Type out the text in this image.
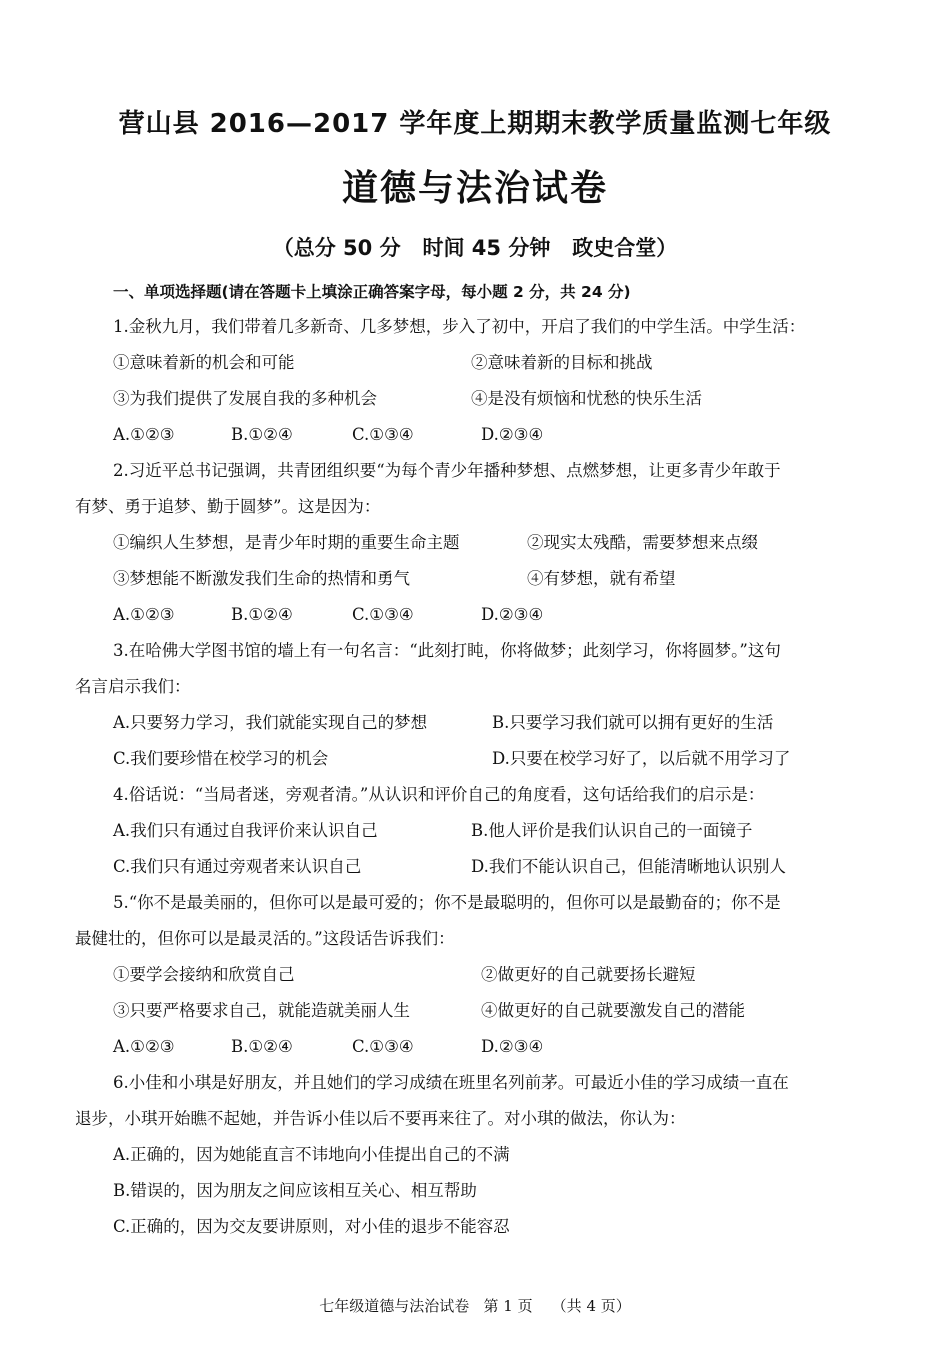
营山县 2016—2017 学年度上期期末教学质量监测七年级
道德与法治试卷
（总分 50 分   时间 45 分钟   政史合堂）
一、单项选择题(请在答题卡上填涂正确答案字母，每小题 2 分，共 24 分)
1.金秋九月，我们带着几多新奇、几多梦想，步入了初中，开启了我们的中学生活。中学生活：
①意味着新的机会和可能	②意味着新的目标和挑战
③为我们提供了发展自我的多种机会	④是没有烦恼和忧愁的快乐生活
A.①②③	B.①②④	C.①③④	D.②③④
2.习近平总书记强调，共青团组织要“为每个青少年播种梦想、点燃梦想，让更多青少年敢于
有梦、勇于追梦、勤于圆梦”。这是因为：
①编织人生梦想，是青少年时期的重要生命主题	②现实太残酷，需要梦想来点缀
③梦想能不断激发我们生命的热情和勇气	④有梦想，就有希望
A.①②③	B.①②④	C.①③④	D.②③④
3.在哈佛大学图书馆的墙上有一句名言：“此刻打盹，你将做梦；此刻学习，你将圆梦。”这句
名言启示我们：
A.只要努力学习，我们就能实现自己的梦想	B.只要学习我们就可以拥有更好的生活
C.我们要珍惜在校学习的机会	D.只要在校学习好了，以后就不用学习了
4.俗话说：“当局者迷，旁观者清。”从认识和评价自己的角度看，这句话给我们的启示是：
A.我们只有通过自我评价来认识自己	B.他人评价是我们认识自己的一面镜子
C.我们只有通过旁观者来认识自己	D.我们不能认识自己，但能清晰地认识别人
5.“你不是最美丽的，但你可以是最可爱的；你不是最聪明的，但你可以是最勤奋的；你不是
最健壮的，但你可以是最灵活的。”这段话告诉我们：
①要学会接纳和欣赏自己	②做更好的自己就要扬长避短
③只要严格要求自己，就能造就美丽人生	④做更好的自己就要激发自己的潜能
A.①②③	B.①②④	C.①③④	D.②③④
6.小佳和小琪是好朋友，并且她们的学习成绩在班里名列前茅。可最近小佳的学习成绩一直在
退步，小琪开始瞧不起她，并告诉小佳以后不要再来往了。对小琪的做法，你认为：
A.正确的，因为她能直言不讳地向小佳提出自己的不满
B.错误的，因为朋友之间应该相互关心、相互帮助
C.正确的，因为交友要讲原则，对小佳的退步不能容忍
七年级道德与法治试卷   第 1 页    （共 4 页）
